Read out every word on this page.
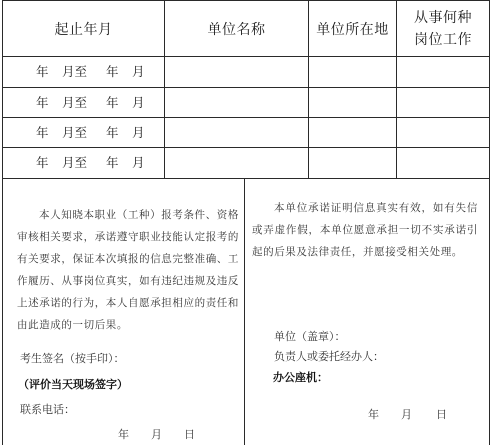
起止年月	单位名称	单位所在地
从事何种
岗位工作
年 月至 年 月
年 月至 年 月
年 月至 年 月
年 月至 年 月

本人知晓本职业（工种）报考条件、资格审核相关要求，承诺遵守职业技能认定报考的有关要求，保证本次填报的信息完整准确、工作履历、从事岗位真实，如有违纪违规及违反上述承诺的行为，本人自愿承担相应的责任和由此造成的一切后果。

考生签名（按手印）：
（评价当天现场签字）
联系电话：
年 月 日

本单位承诺证明信息真实有效，如有失信或弄虚作假，本单位愿意承担一切不实承诺引起的后果及法律责任，并愿接受相关处理。

单位（盖章）：
负责人或委托经办人：
办公座机：
年 月 日
